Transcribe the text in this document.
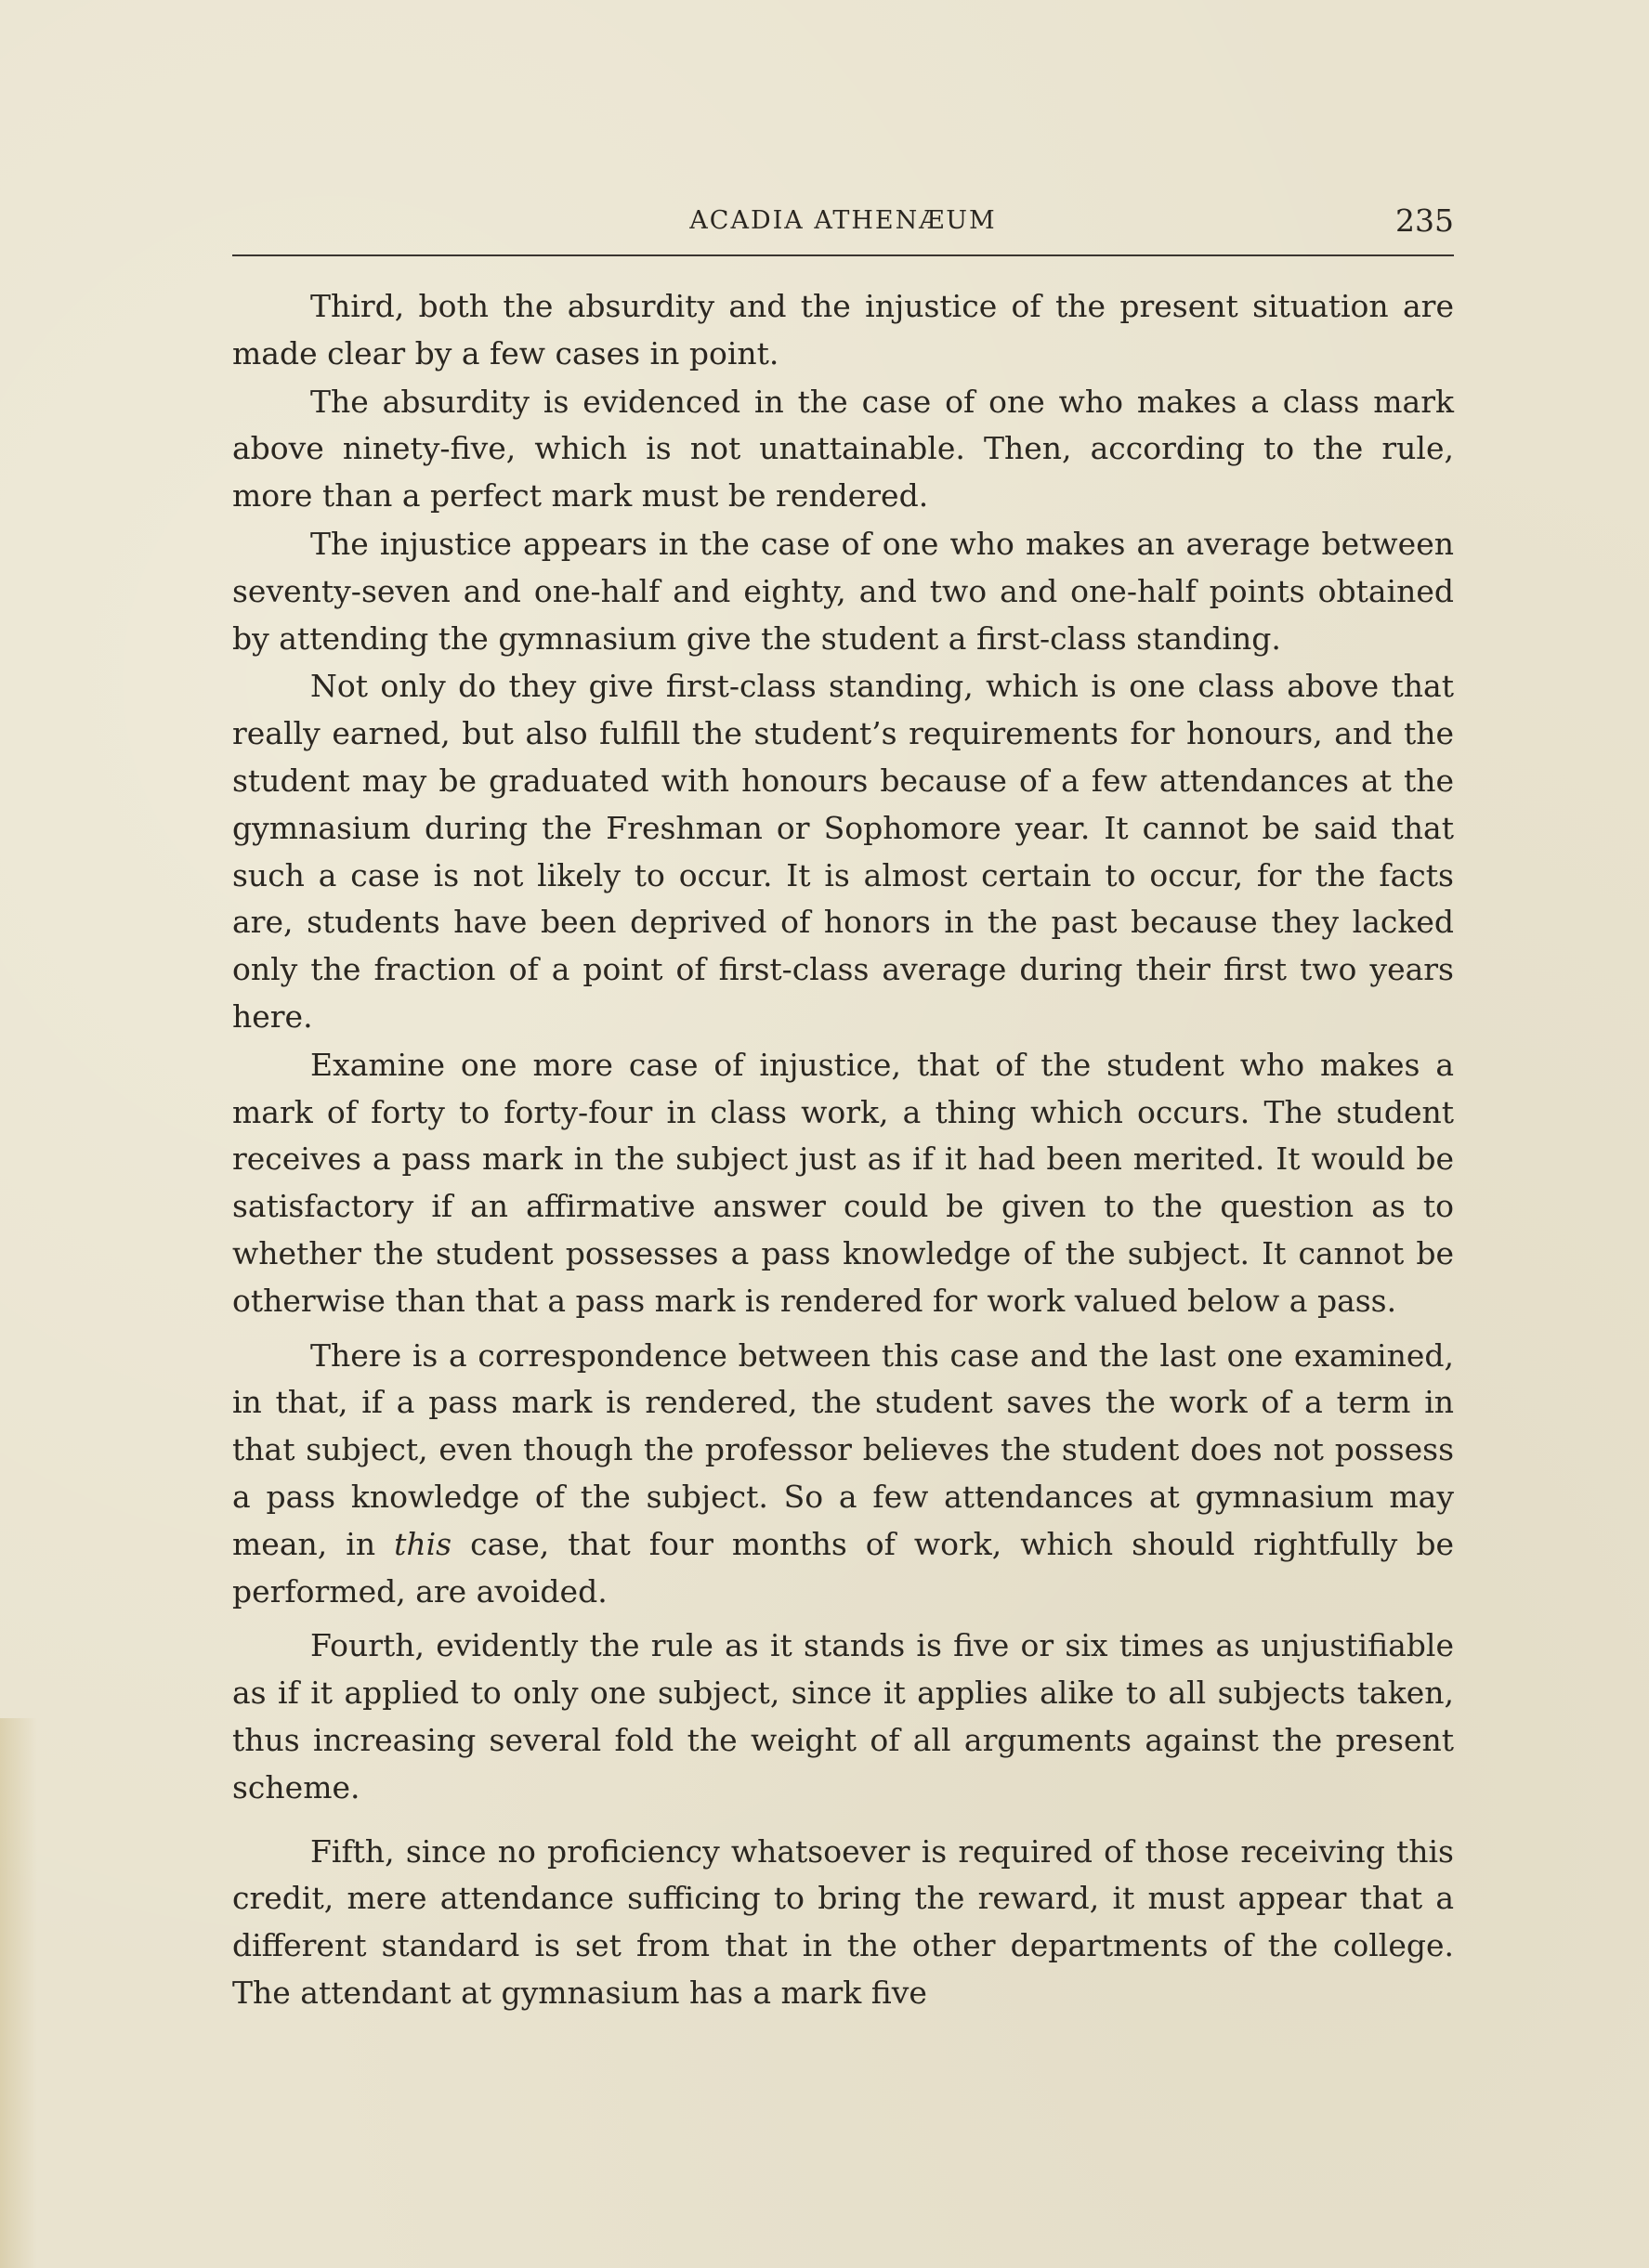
ACADIA ATHENÆUM	235

Third, both the absurdity and the injustice of the present situation are made clear by a few cases in point.

The absurdity is evidenced in the case of one who makes a class mark above ninety-five, which is not unattainable. Then, according to the rule, more than a perfect mark must be rendered.

The injustice appears in the case of one who makes an average between seventy-seven and one-half and eighty, and two and one-half points obtained by attending the gymnasium give the student a first-class standing.

Not only do they give first-class standing, which is one class above that really earned, but also fulfill the student’s requirements for honours, and the student may be graduated with honours because of a few attendances at the gymnasium during the Freshman or Sophomore year. It cannot be said that such a case is not likely to occur. It is almost certain to occur, for the facts are, students have been deprived of honors in the past because they lacked only the fraction of a point of first-class average during their first two years here.

Examine one more case of injustice, that of the student who makes a mark of forty to forty-four in class work, a thing which occurs. The student receives a pass mark in the subject just as if it had been merited. It would be satisfactory if an affirmative answer could be given to the question as to whether the student possesses a pass knowledge of the subject. It cannot be otherwise than that a pass mark is rendered for work valued below a pass.

There is a correspondence between this case and the last one examined, in that, if a pass mark is rendered, the student saves the work of a term in that subject, even though the professor believes the student does not possess a pass knowledge of the subject. So a few attendances at gymnasium may mean, in this case, that four months of work, which should rightfully be performed, are avoided.

Fourth, evidently the rule as it stands is five or six times as unjustifiable as if it applied to only one subject, since it applies alike to all subjects taken, thus increasing several fold the weight of all arguments against the present scheme.

Fifth, since no proficiency whatsoever is required of those receiving this credit, mere attendance sufficing to bring the reward, it must appear that a different standard is set from that in the other departments of the college. The attendant at gymnasium has a mark five
